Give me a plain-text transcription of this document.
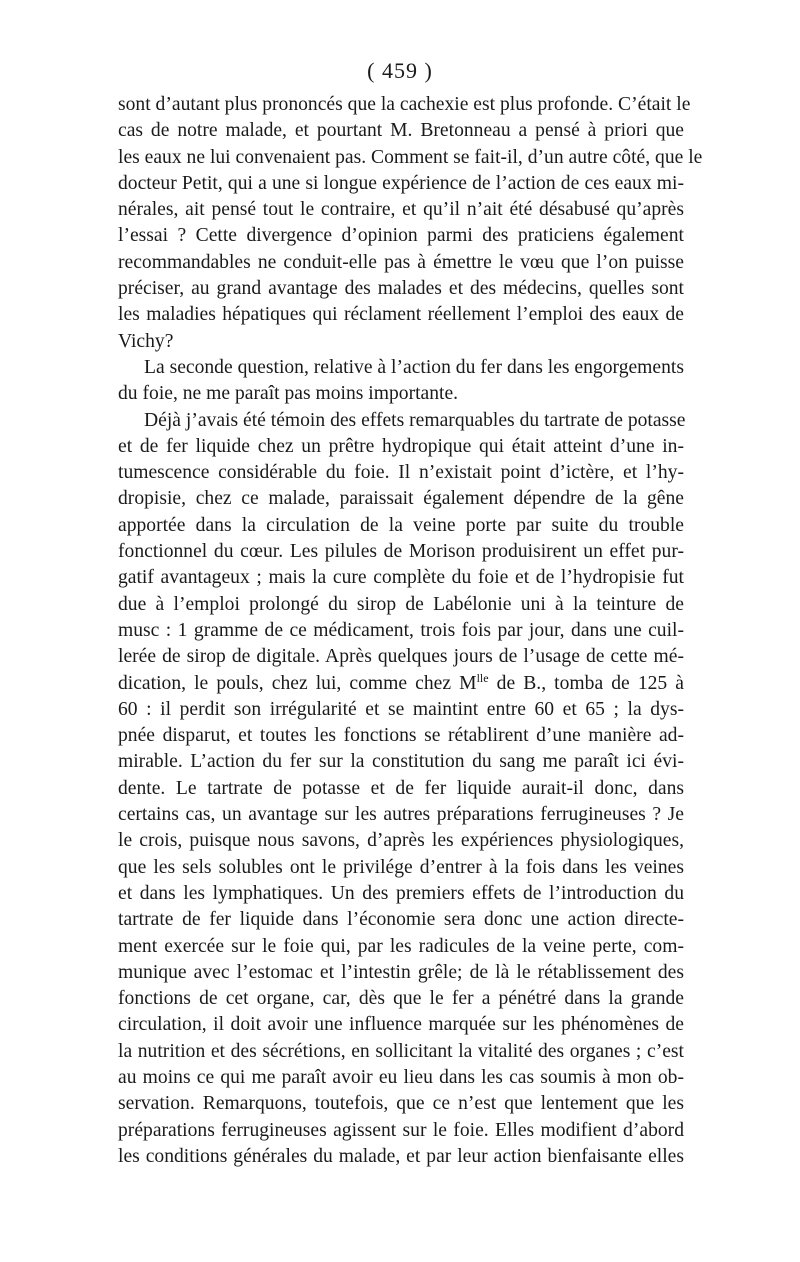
( 459 )
sont d’autant plus prononcés que la cachexie est plus profonde. C’était le
cas de notre malade, et pourtant M. Bretonneau a pensé à priori que
les eaux ne lui convenaient pas. Comment se fait-il, d’un autre côté, que le
docteur Petit, qui a une si longue expérience de l’action de ces eaux mi-
nérales, ait pensé tout le contraire, et qu’il n’ait été désabusé qu’après
l’essai ? Cette divergence d’opinion parmi des praticiens également
recommandables ne conduit-elle pas à émettre le vœu que l’on puisse
préciser, au grand avantage des malades et des médecins, quelles sont
les maladies hépatiques qui réclament réellement l’emploi des eaux de
Vichy?
La seconde question, relative à l’action du fer dans les engorgements
du foie, ne me paraît pas moins importante.
Déjà j’avais été témoin des effets remarquables du tartrate de potasse
et de fer liquide chez un prêtre hydropique qui était atteint d’une in-
tumescence considérable du foie. Il n’existait point d’ictère, et l’hy-
dropisie, chez ce malade, paraissait également dépendre de la gêne
apportée dans la circulation de la veine porte par suite du trouble
fonctionnel du cœur. Les pilules de Morison produisirent un effet pur-
gatif avantageux ; mais la cure complète du foie et de l’hydropisie fut
due à l’emploi prolongé du sirop de Labélonie uni à la teinture de
musc : 1 gramme de ce médicament, trois fois par jour, dans une cuil-
lerée de sirop de digitale. Après quelques jours de l’usage de cette mé-
dication, le pouls, chez lui, comme chez $M^{lle}$ de B., tomba de 125 à
60 : il perdit son irrégularité et se maintint entre 60 et 65 ; la dys-
pnée disparut, et toutes les fonctions se rétablirent d’une manière ad-
mirable. L’action du fer sur la constitution du sang me paraît ici évi-
dente. Le tartrate de potasse et de fer liquide aurait-il donc, dans
certains cas, un avantage sur les autres préparations ferrugineuses ? Je
le crois, puisque nous savons, d’après les expériences physiologiques,
que les sels solubles ont le privilége d’entrer à la fois dans les veines
et dans les lymphatiques. Un des premiers effets de l’introduction du
tartrate de fer liquide dans l’économie sera donc une action directe-
ment exercée sur le foie qui, par les radicules de la veine perte, com-
munique avec l’estomac et l’intestin grêle; de là le rétablissement des
fonctions de cet organe, car, dès que le fer a pénétré dans la grande
circulation, il doit avoir une influence marquée sur les phénomènes de
la nutrition et des sécrétions, en sollicitant la vitalité des organes ; c’est
au moins ce qui me paraît avoir eu lieu dans les cas soumis à mon ob-
servation. Remarquons, toutefois, que ce n’est que lentement que les
préparations ferrugineuses agissent sur le foie. Elles modifient d’abord
les conditions générales du malade, et par leur action bienfaisante elles
